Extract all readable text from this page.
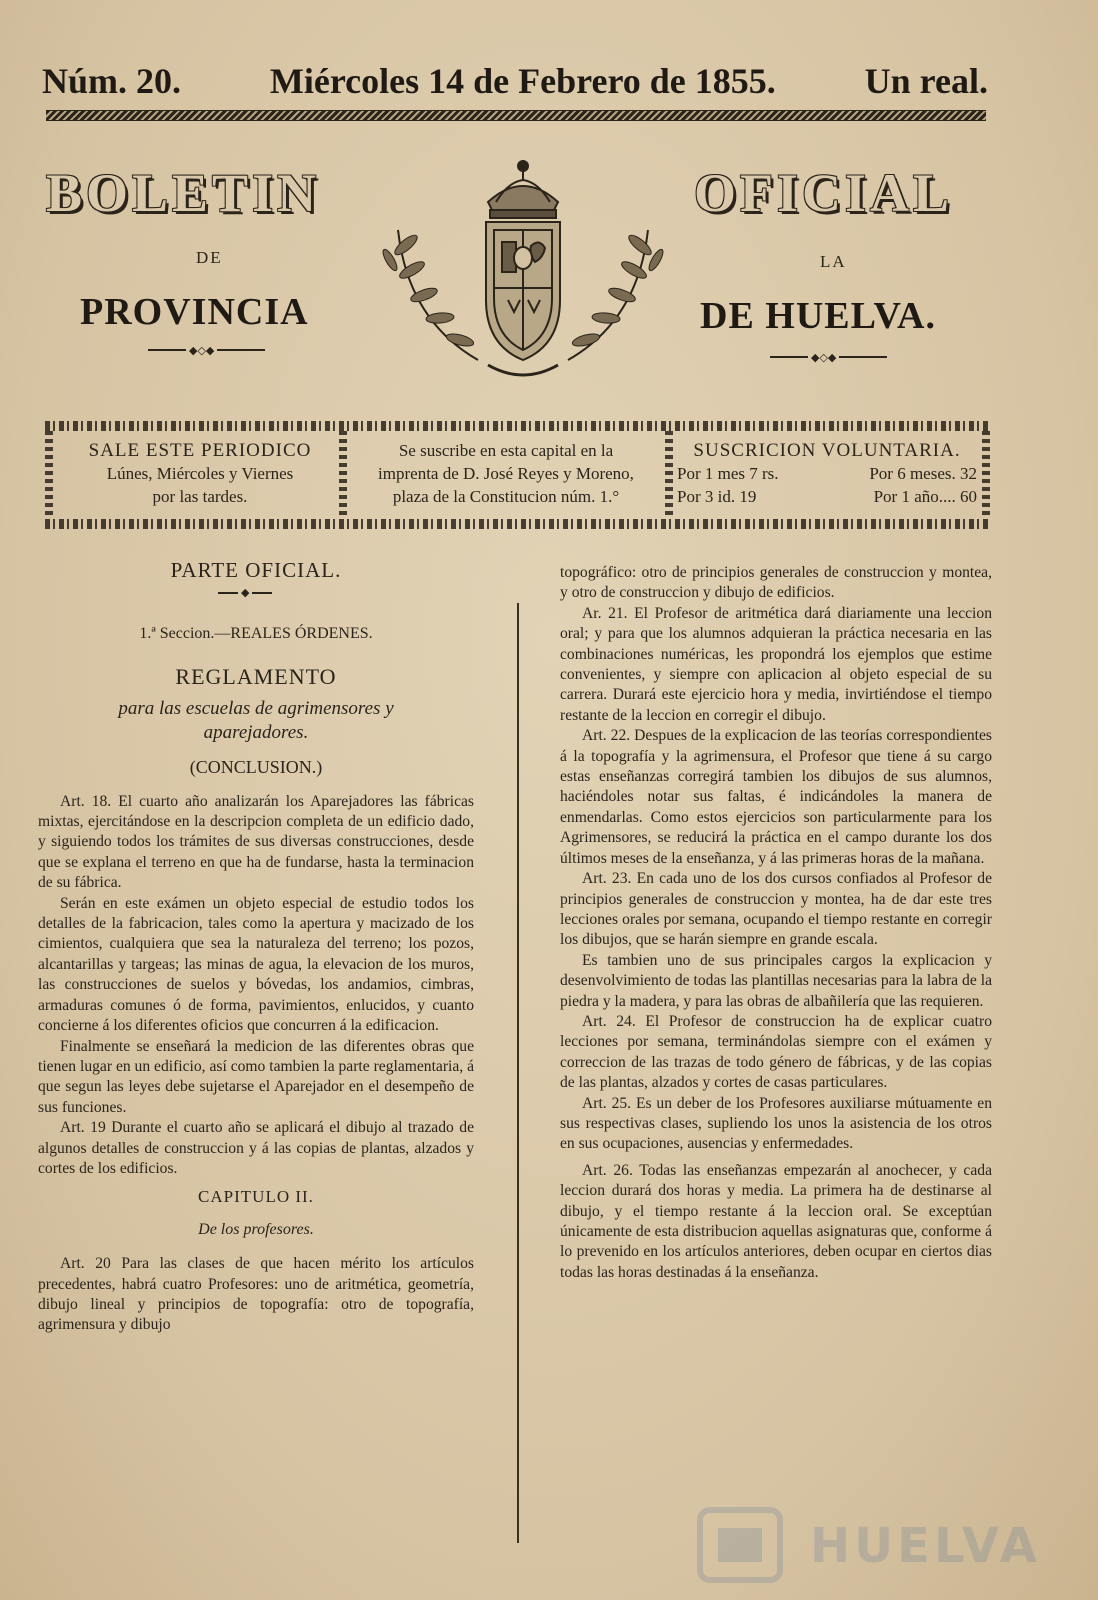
Núm. 20. Miércoles 14 de Febrero de 1855. Un real.
BOLETIN	OFICIAL
DE	LA
PROVINCIA	DE HUELVA.
◆◇◆
◆◇◆
SALE ESTE PERIODICO
Lúnes, Miércoles y Viernes
por las tardes.
Se suscribe en esta capital en la
imprenta de D. José Reyes y Moreno,
plaza de la Constitucion núm. 1.°
SUSCRICION VOLUNTARIA.
Por 1 mes 7 rs.	Por 6 meses. 32
Por 3 id. 19	Por 1 año.... 60

PARTE OFICIAL.

◆

1.ª Seccion.—REALES ÓRDENES.

REGLAMENTO

para las escuelas de agrimensores y aparejadores.

(CONCLUSION.)

Art. 18. El cuarto año analizarán los Aparejadores las fábricas mixtas, ejercitándose en la descripcion completa de un edificio dado, y siguiendo todos los trámites de sus diversas construcciones, desde que se explana el terreno en que ha de fundarse, hasta la terminacion de su fábrica.

Serán en este exámen un objeto especial de estudio todos los detalles de la fabricacion, tales como la apertura y macizado de los cimientos, cualquiera que sea la naturaleza del terreno; los pozos, alcantarillas y targeas; las minas de agua, la elevacion de los muros, las construcciones de suelos y bóvedas, los andamios, cimbras, armaduras comunes ó de forma, pavimientos, enlucidos, y cuanto concierne á los diferentes oficios que concurren á la edificacion.

Finalmente se enseñará la medicion de las diferentes obras que tienen lugar en un edificio, así como tambien la parte reglamentaria, á que segun las leyes debe sujetarse el Aparejador en el desempeño de sus funciones.

Art. 19 Durante el cuarto año se aplicará el dibujo al trazado de algunos detalles de construccion y á las copias de plantas, alzados y cortes de los edificios.

CAPITULO II.

De los profesores.

Art. 20 Para las clases de que hacen mérito los artículos precedentes, habrá cuatro Profesores: uno de aritmética, geometría, dibujo lineal y principios de topografía: otro de topografía, agrimensura y dibujo

topográfico: otro de principios generales de construccion y montea, y otro de construccion y dibujo de edificios.

Ar. 21. El Profesor de aritmética dará diariamente una leccion oral; y para que los alumnos adquieran la práctica necesaria en las combinaciones numéricas, les propondrá los ejemplos que estime convenientes, y siempre con aplicacion al objeto especial de su carrera. Durará este ejercicio hora y media, invirtiéndose el tiempo restante de la leccion en corregir el dibujo.

Art. 22. Despues de la explicacion de las teorías correspondientes á la topografía y la agrimensura, el Profesor que tiene á su cargo estas enseñanzas corregirá tambien los dibujos de sus alumnos, haciéndoles notar sus faltas, é indicándoles la manera de enmendarlas. Como estos ejercicios son particularmente para los Agrimensores, se reducirá la práctica en el campo durante los dos últimos meses de la enseñanza, y á las primeras horas de la mañana.

Art. 23. En cada uno de los dos cursos confiados al Profesor de principios generales de construccion y montea, ha de dar este tres lecciones orales por semana, ocupando el tiempo restante en corregir los dibujos, que se harán siempre en grande escala.

Es tambien uno de sus principales cargos la explicacion y desenvolvimiento de todas las plantillas necesarias para la labra de la piedra y la madera, y para las obras de albañilería que las requieren.

Art. 24. El Profesor de construccion ha de explicar cuatro lecciones por semana, terminándolas siempre con el exámen y correccion de las trazas de todo género de fábricas, y de las copias de las plantas, alzados y cortes de casas particulares.

Art. 25. Es un deber de los Profesores auxiliarse mútuamente en sus respectivas clases, supliendo los unos la asistencia de los otros en sus ocupaciones, ausencias y enfermedades.

Art. 26. Todas las enseñanzas empezarán al anochecer, y cada leccion durará dos horas y media. La primera ha de destinarse al dibujo, y el tiempo restante á la leccion oral. Se exceptúan únicamente de esta distribucion aquellas asignaturas que, conforme á lo prevenido en los artículos anteriores, deben ocupar en ciertos dias todas las horas destinadas á la enseñanza.

HUELVA
